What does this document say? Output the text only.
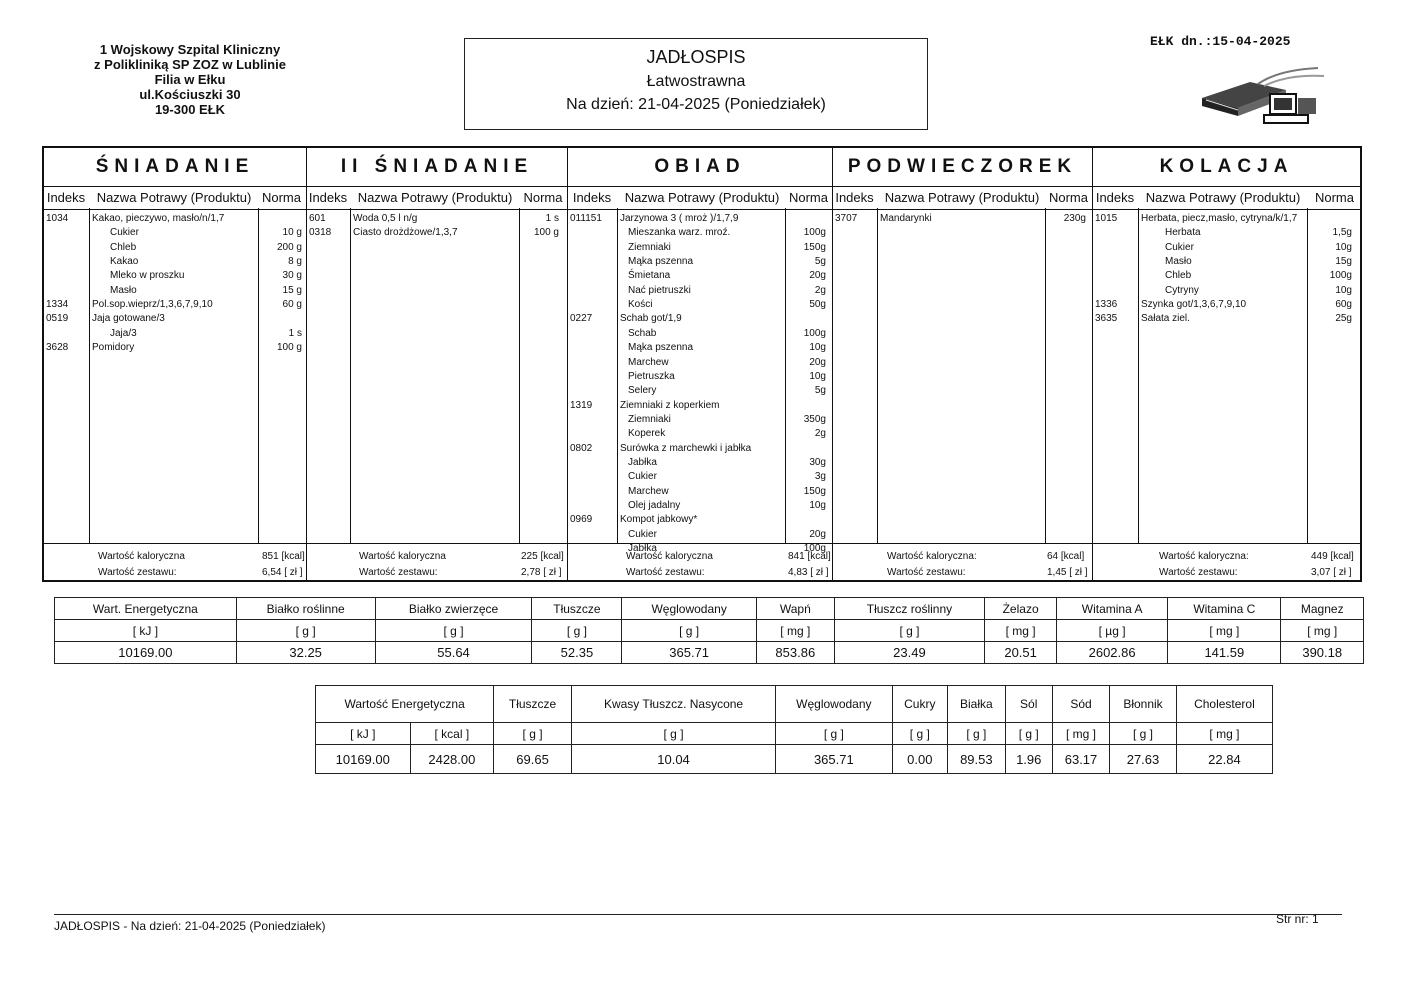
1 Wojskowy Szpital Kliniczny
z Polikliniką SP ZOZ w Lublinie
Filia w Ełku
ul.Kościuszki 30
19-300 EŁK
JADŁOSPIS
Łatwostrawna
Na dzień: 21-04-2025 (Poniedziałek)
EŁK dn.:15-04-2025
ŚNIADANIE
Indeks Nazwa Potrawy (Produktu) Norma
1034 Kakao, pieczywo, masło/n/1,7
Cukier	10 g
Chleb	200 g
Kakao	8 g
Mleko w proszku	30 g
Masło	15 g
1334 Pol.sop.wieprz/1,3,6,7,9,10	60 g
0519 Jaja gotowane/3
Jaja/3	1 s
3628 Pomidory	100 g
Wartość kaloryczna	851 [kcal]
Wartość zestawu:	6,54 [ zł ]
II ŚNIADANIE
Indeks Nazwa Potrawy (Produktu) Norma
601	Woda 0,5 l n/g	1 s
0318 Ciasto drożdżowe/1,3,7	100 g
Wartość kaloryczna	225 [kcal]
Wartość zestawu:	2,78 [ zł ]
OBIAD
Indeks	Nazwa Potrawy (Produktu) Norma
011151 Jarzynowa 3 ( mroż )/1,7,9
Mieszanka warz. mroź.	100g
Ziemniaki	150g
Mąka pszenna	5g
Śmietana	20g
Nać pietruszki	2g
Kości	50g
0227	Schab got/1,9
Schab	100g
Mąka pszenna	10g
Marchew	20g
Pietruszka	10g
Selery	5g
1319	Ziemniaki z koperkiem
Ziemniaki	350g
Koperek	2g
0802	Surówka z marchewki i jabłka
Jabłka	30g
Cukier	3g
Marchew	150g
Olej jadalny	10g
0969	Kompot jabkowy*
Cukier	20g
Jabłka	100g
Wartość kaloryczna	841 [kcal]
Wartość zestawu:	4,83 [ zł ]
PODWIECZOREK
Indeks Nazwa Potrawy (Produktu) Norma
3707 Mandarynki	230g
Wartość kaloryczna:	64 [kcal]
Wartość zestawu:	1,45 [ zł ]
KOLACJA
Indeks Nazwa Potrawy (Produktu)	Norma
1015 Herbata, piecz,masło, cytryna/k/1,7
Herbata	1,5g
Cukier	10g
Masło	15g
Chleb	100g
Cytryny	10g
1336 Szynka got/1,3,6,7,9,10	60g
3635 Sałata ziel.	25g
Wartość kaloryczna:	449 [kcal]
Wartość zestawu:	3,07 [ zł ]
Wart. Energetyczna	Białko roślinne	Białko zwierzęce	Tłuszcze	Węglowodany	Wapń	Tłuszcz roślinny	Żelazo	Witamina A	Witamina C	Magnez
[ kJ ]	[ g ]	[ g ]	[ g ]	[ g ]	[ mg ]	[ g ]	[ mg ]	[ µg ]	[ mg ]	[ mg ]
10169.00	32.25	55.64	52.35	365.71	853.86	23.49	20.51	2602.86	141.59	390.18
Wartość Energetyczna		Tłuszcze	Kwasy Tłuszcz. Nasycone	Węglowodany	Cukry	Białka	Sól	Sód	Błonnik	Cholesterol
[ kJ ]	[ kcal ]	[ g ]	[ g ]	[ g ]	[ g ]	[ g ]	[ g ]	[ mg ]	[ g ]	[ mg ]
10169.00	2428.00	69.65	10.04	365.71	0.00	89.53	1.96	63.17	27.63	22.84
JADŁOSPIS - Na dzień: 21-04-2025 (Poniedziałek)	Str nr: 1
